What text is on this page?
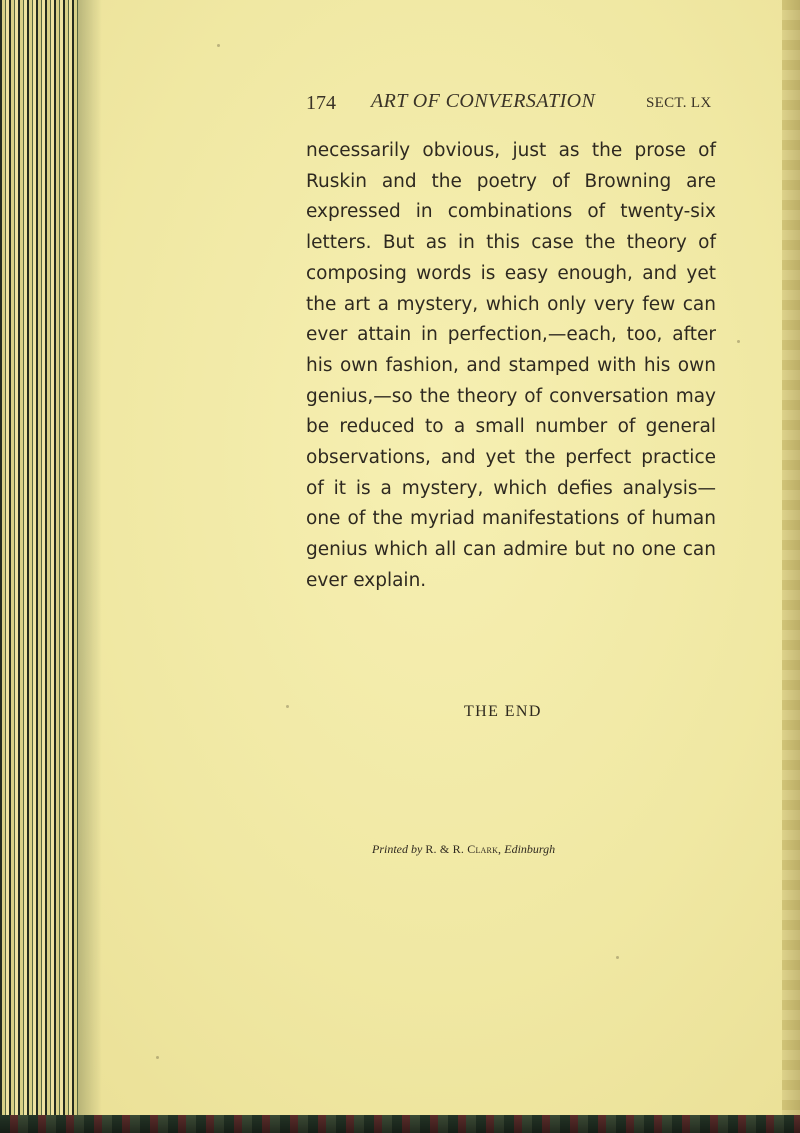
174 ART OF CONVERSATION	SECT. LX
necessarily obvious, just as the prose of Ruskin and the poetry of Browning are expressed in combinations of twenty-six letters. But as in this case the theory of composing words is easy enough, and yet the art a mystery, which only very few can ever attain in perfection,—each, too, after his own fashion, and stamped with his own genius,—so the theory of conversation may be reduced to a small number of general observations, and yet the perfect practice of it is a mystery, which defies analysis—one of the myriad manifestations of human genius which all can admire but no one can ever explain.
THE END
Printed by R. & R. Clark, Edinburgh
